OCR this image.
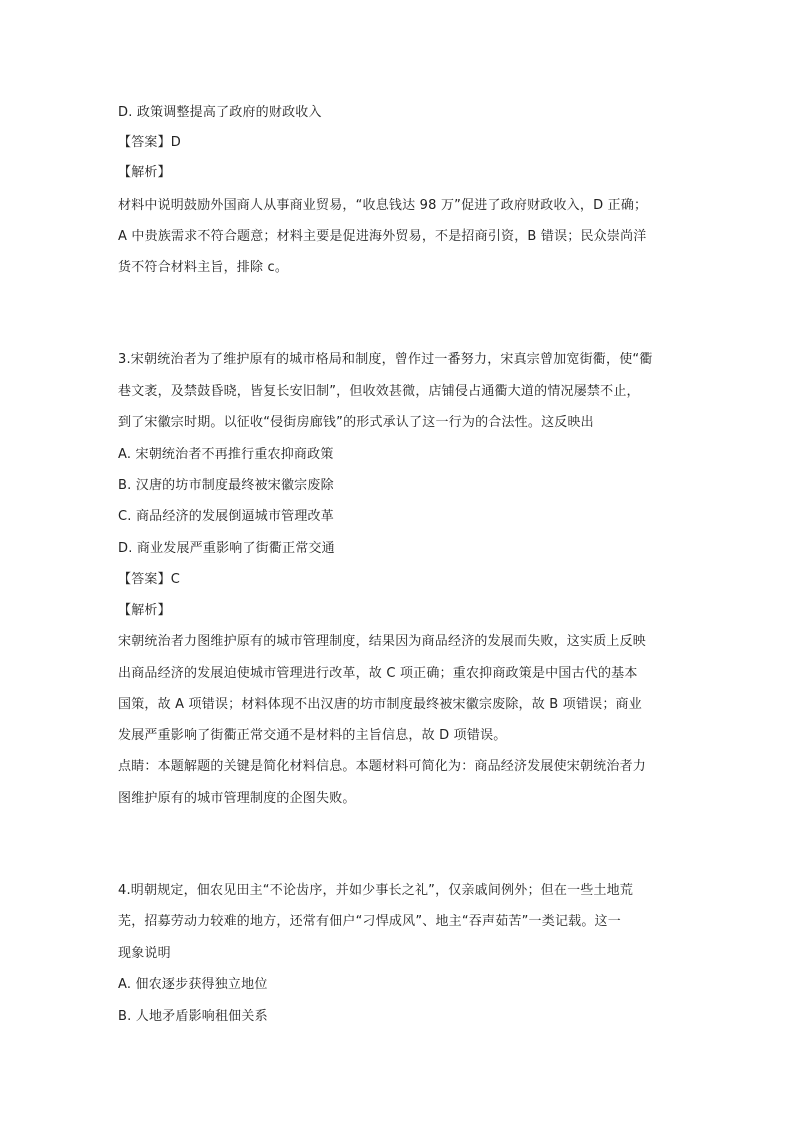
D. 政策调整提高了政府的财政收入
【答案】D
【解析】
材料中说明鼓励外国商人从事商业贸易，“收息钱达 98 万”促进了政府财政收入，D 正确；
A 中贵族需求不符合题意；材料主要是促进海外贸易，不是招商引资，B 错误；民众崇尚洋
货不符合材料主旨，排除 c。
3.宋朝统治者为了维护原有的城市格局和制度，曾作过一番努力，宋真宗曾加宽街衢，使“衢
巷文袤，及禁鼓昏晓，皆复长安旧制”，但收效甚微，店铺侵占通衢大道的情况屡禁不止，
到了宋徽宗时期。以征收“侵街房廊钱”的形式承认了这一行为的合法性。这反映出
A. 宋朝统治者不再推行重农抑商政策
B. 汉唐的坊市制度最终被宋徽宗废除
C. 商品经济的发展倒逼城市管理改革
D. 商业发展严重影响了街衢正常交通
【答案】C
【解析】
宋朝统治者力图维护原有的城市管理制度，结果因为商品经济的发展而失败，这实质上反映
出商品经济的发展迫使城市管理进行改革，故 C 项正确；重农抑商政策是中国古代的基本
国策，故 A 项错误；材料体现不出汉唐的坊市制度最终被宋徽宗废除，故 B 项错误；商业
发展严重影响了街衢正常交通不是材料的主旨信息，故 D 项错误。
点睛：本题解题的关键是简化材料信息。本题材料可简化为：商品经济发展使宋朝统治者力
图维护原有的城市管理制度的企图失败。
4.明朝规定，佃农见田主“不论齿序，并如少事长之礼”，仅亲戚间例外；但在一些土地荒
芜，招募劳动力较难的地方，还常有佃户“刁悍成风”、地主“吞声茹苦”一类记载。这一
现象说明
A. 佃农逐步获得独立地位
B. 人地矛盾影响租佃关系
